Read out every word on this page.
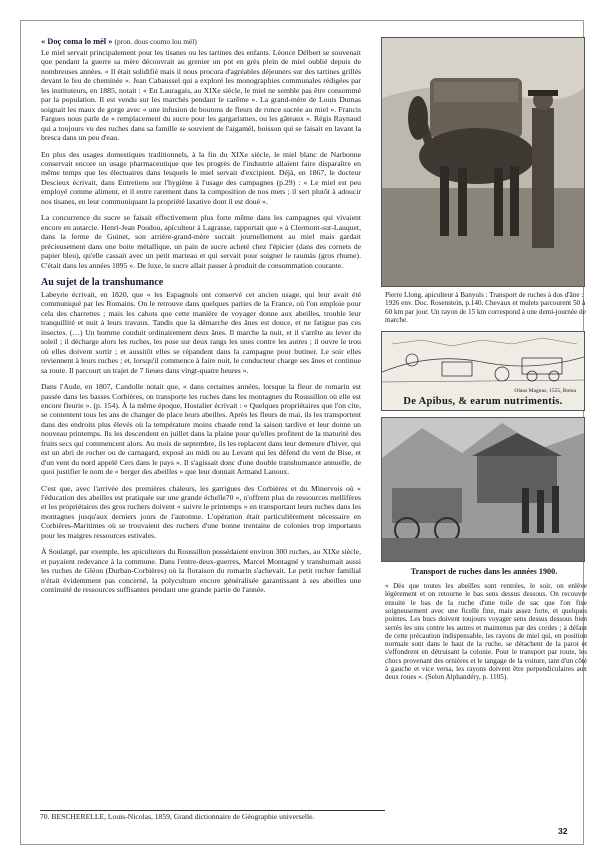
« Doç coma lo mèl » (pron. dous coumo lou mèl)

Le miel servait principalement pour les tisanes ou les tartines des enfants. Léonce Délbert se souvenait que pendant la guerre sa mère découvrait au grenier un pot en grès plein de miel oublié depuis de nombreuses années. « Il était solidifié mais il nous procura d'agréables déjeuners sur des tartines grillés devant le feu de cheminée ». Jean Cabaussel qui a exploré les monographies communales rédigées par les instituteurs, en 1885, notait : « En Lauragais, au XIXe siècle, le miel ne semble pas être consommé par la population. Il est vendu sur les marchés pendant le carême ». La grand-mère de Louis Dumas soignait les maux de gorge avec « une infusion de boutons de fleurs de ronce sucrée au miel ». Francis Fargues nous parle de « remplacement du sucre pour les gargarismes, ou les gâteaux ». Régis Raynaud qui a toujours vu des ruches dans sa famille se souvient de l'aigamèl, boisson qui se faisait en lavant la bresca dans un peu d'eau.

En plus des usages domestiques traditionnels, à la fin du XIXe siècle, le miel blanc de Narbonne conservait encore un usage pharmaceutique que les progrès de l'industrie allaient faire disparaître en même temps que les électuaires dans lesquels le miel servait d'excipient. Déjà, en 1867, le docteur Descieux écrivait, dans Entretiens sur l'hygiène à l'usage des campagnes (p.29) : « Le miel est peu employé comme aliment, et il entre rarement dans la composition de nos mets ; il sert plutôt à adoucir nos tisanes, en leur communiquant la propriété laxative dont il est doué ».

La concurrence du sucre se faisait effectivement plus forte même dans les campagnes qui vivaient encore en autarcie. Henri-Jean Poudou, apiculteur à Lagrasse, rapportait que « à Clermont-sur-Lauquet, dans la ferme de Guinet, son arrière-grand-mère sucrait journellement au miel mais gardait précieusement dans une boite métallique, un pain de sucre acheté chez l'épicier (dans des cornets de papier bleu), qu'elle cassait avec un petit marteau et qui servait pour soigner le raumàs (gros rhume). C'était dans les années 1895 ». De luxe, le sucre allait passer à produit de consommation courante.

Au sujet de la transhumance

Labeyrie écrivait, en 1820, que « les Espagnols ont conservé cet ancien usage, qui leur avait été communiqué par les Romains. On le retrouve dans quelques parties de la France, où l'on emploie pour cela des charrettes ; mais les cahots que cette manière de voyager donne aux abeilles, trouble leur tranquillité et nuit à leurs travaux. Tandis que la démarche des ânes est douce, et ne fatigue pas ces insectes. (…) Un homme conduit ordinairement deux ânes. Il marche la nuit, et il s'arrête au lever du soleil ; il décharge alors les ruches, les pose sur deux rangs les unes contre les autres ; il ouvre le trou où elles doivent sortir ; et aussitôt elles se répandent dans la campagne pour butiner. Le soir elles reviennent à leurs ruches ; et, lorsqu'il commence à faire nuit, le conducteur charge ses ânes et continue sa route. Il parcourt un trajet de 7 lieues dans vingt-quatre heures ».

Dans l'Aude, en 1807, Candolle notait que, « dans certaines années, lorsque la fleur de romarin est passée dans les basses Corbières, on transporte les ruches dans les montagnes du Roussillon où elle est encore fleurie ». (p. 154). À la même époque, Hostalier écrivait : « Quelques propriétaires que l'on cite, se contentent tous les ans de changer de place leurs abeilles. Après les fleurs de mai, ils les transportent dans des endroits plus élevés où la température moins chaude rend la saison tardive et leur donne un nouveau printemps. Ils les descendent en juillet dans la plaine pour qu'elles profitent de la maturité des fruits secs qui commencent alors. Au mois de septembre, ils les replacent dans leur demeure d'hiver, qui est un abri de rocher ou de carnagard, exposé au midi ou au Levant qui les défend du vent de Bise, et d'un vent du nord appelé Cers dans le pays ». Il s'agissait donc d'une double transhumance annuelle, de quoi justifier le nom de « berger des abeilles » que leur donnait Armand Lanoux.

C'est que, avec l'arrivée des premières chaleurs, les garrigues des Corbières et du Minervois où « l'éducation des abeilles est pratiquée sur une grande échelle70 », n'offrent plus de ressources mellifères et les propriétaires des gros ruchers doivent « suivre le printemps » en transportant leurs ruches dans les montagnes jusqu'aux derniers jours de l'automne. L'opération était particulièrement nécessaire en Corbières-Maritimes où se trouvaient des ruchers d'une bonne trentaine de colonies trop importants pour les maigres ressources estivales.

À Soulatgé, par exemple, les apiculteurs du Roussillon possédaient environ 300 ruches, au XIXe siècle, et payaient redevance à la commune. Dans l'entre-deux-guerres, Marcel Montagné y transhumait aussi les ruches de Gléon (Durban-Corbières) où la floraison du romarin s'achevait. Le petit rucher familial n'était évidemment pas concerné, la polyculture encore généralisée garantissant à ses abeilles une continuité de ressources suffisantes pendant une grande partie de l'année.

Pierre Llong, apiculteur à Banyuls : Transport de ruches à dos d'âne : 1926 env. Doc. Rosenstein, p.140. Chevaux et mulets parcourent 50 à 60 km par jour. Un rayon de 15 km correspond à une demi-journée de marche.
Olaus Magnus, 1555, Roma
De Apibus, & earum nutrimentis.
Transport de ruches dans les années 1900.
« Dès que toutes les abeilles sont rentrées, le soir, on enlève légèrement et on retourne le bas sens dessus dessous. On recouvre ensuite le bas de la ruche d'une toile de sac que l'on fixe soigneusement avec une ficelle fine, mais assez forte, et quelques pointes. Les bucs doivent toujours voyager sens dessus dessous bien serrés les uns contre les autres et maintenus par des cordes ; à défaut de cette précaution indispensable, les rayons de miel qui, en position normale sont dans le haut de la ruche, se détachent de la paroi et s'effondrent en détruisant la colonie. Pour le transport par route, les chocs provenant des ornières et le tangage de la voiture, tant d'un côté à gauche et vice versa, les rayons doivent être perpendiculaires aux deux roues ». (Selon Alphandéry, p. 1105).
70. BESCHERELLE, Louis-Nicolas, 1859, Grand dictionnaire de Géographie universelle.
32
